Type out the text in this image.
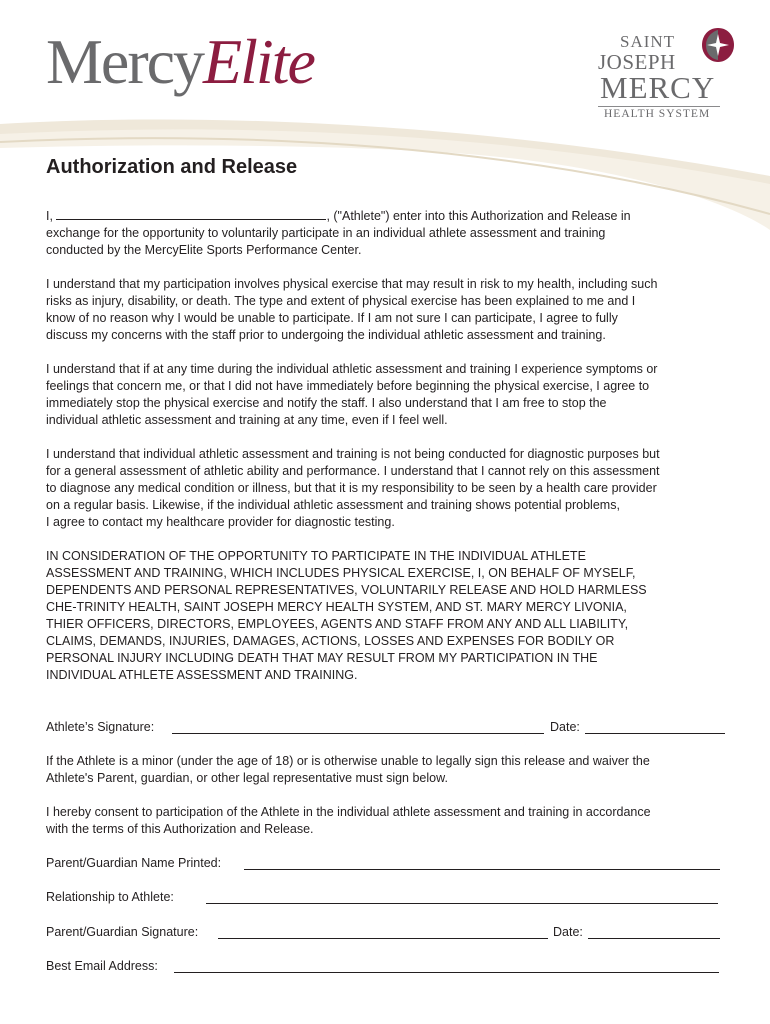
MercyElite	SAINT
JOSEPH
MERCY
HEALTH SYSTEM
Authorization and Release
I,	, ("Athlete") enter into this Authorization and Release in
exchange for the opportunity to voluntarily participate in an individual athlete assessment and training
conducted by the MercyElite Sports Performance Center.
I understand that my participation involves physical exercise that may result in risk to my health, including such
risks as injury, disability, or death. The type and extent of physical exercise has been explained to me and I
know of no reason why I would be unable to participate. If I am not sure I can participate, I agree to fully
discuss my concerns with the staff prior to undergoing the individual athletic assessment and training.
I understand that if at any time during the individual athletic assessment and training I experience symptoms or
feelings that concern me, or that I did not have immediately before beginning the physical exercise, I agree to
immediately stop the physical exercise and notify the staff. I also understand that I am free to stop the
individual athletic assessment and training at any time, even if I feel well.
I understand that individual athletic assessment and training is not being conducted for diagnostic purposes but
for a general assessment of athletic ability and performance. I understand that I cannot rely on this assessment
to diagnose any medical condition or illness, but that it is my responsibility to be seen by a health care provider
on a regular basis. Likewise, if the individual athletic assessment and training shows potential problems,
I agree to contact my healthcare provider for diagnostic testing.
IN CONSIDERATION OF THE OPPORTUNITY TO PARTICIPATE IN THE INDIVIDUAL ATHLETE
ASSESSMENT AND TRAINING, WHICH INCLUDES PHYSICAL EXERCISE, I, ON BEHALF OF MYSELF,
DEPENDENTS AND PERSONAL REPRESENTATIVES, VOLUNTARILY RELEASE AND HOLD HARMLESS
CHE-TRINITY HEALTH, SAINT JOSEPH MERCY HEALTH SYSTEM, AND ST. MARY MERCY LIVONIA,
THIER OFFICERS, DIRECTORS, EMPLOYEES, AGENTS AND STAFF FROM ANY AND ALL LIABILITY,
CLAIMS, DEMANDS, INJURIES, DAMAGES, ACTIONS, LOSSES AND EXPENSES FOR BODILY OR
PERSONAL INJURY INCLUDING DEATH THAT MAY RESULT FROM MY PARTICIPATION IN THE
INDIVIDUAL ATHLETE ASSESSMENT AND TRAINING.
Athlete’s Signature:	Date:
If the Athlete is a minor (under the age of 18) or is otherwise unable to legally sign this release and waiver the
Athlete's Parent, guardian, or other legal representative must sign below.
I hereby consent to participation of the Athlete in the individual athlete assessment and training in accordance
with the terms of this Authorization and Release.
Parent/Guardian Name Printed:
Relationship to Athlete:
Parent/Guardian Signature:	Date:
Best Email Address:
